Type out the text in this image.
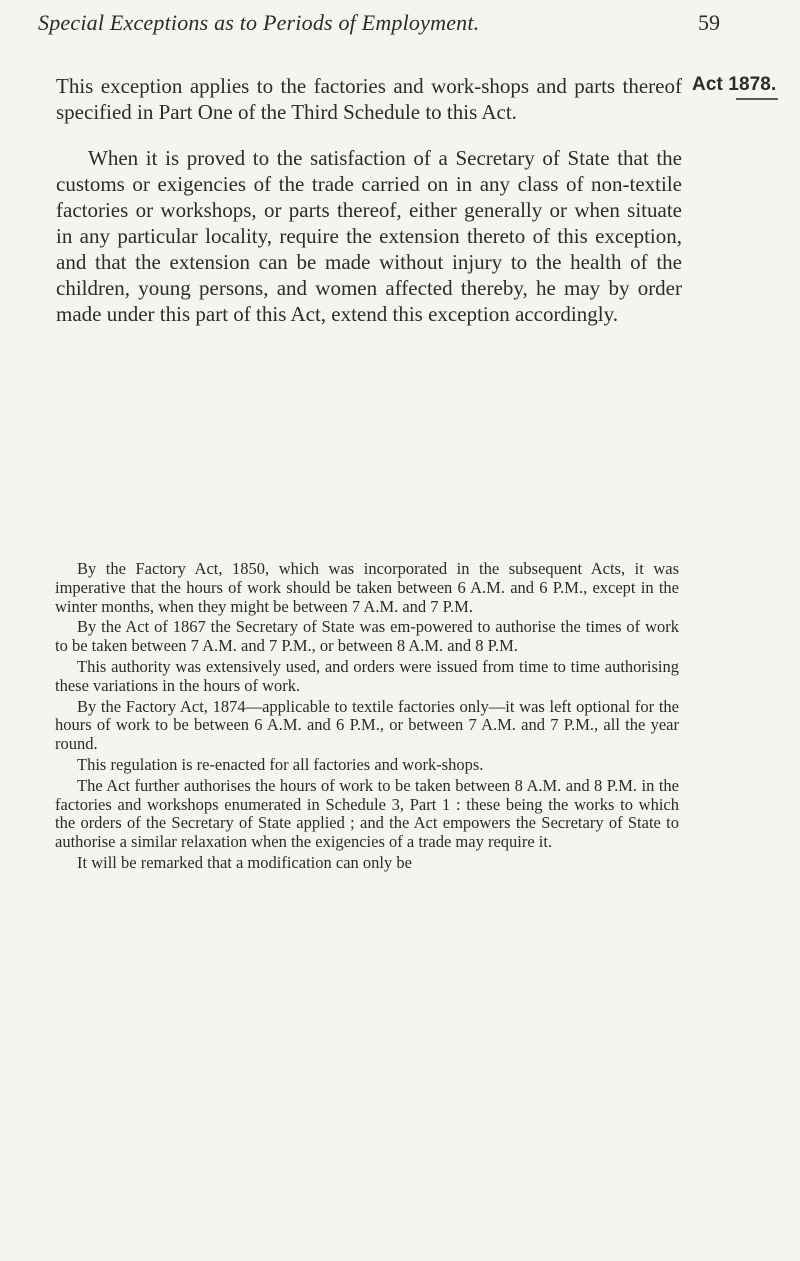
Special Exceptions as to Periods of Employment.	59
Act 1878.

This exception applies to the factories and work-shops and parts thereof specified in Part One of the Third Schedule to this Act.

When it is proved to the satisfaction of a Secretary of State that the customs or exigencies of the trade carried on in any class of non-textile factories or workshops, or parts thereof, either generally or when situate in any particular locality, require the extension thereto of this exception, and that the extension can be made without injury to the health of the children, young persons, and women affected thereby, he may by order made under this part of this Act, extend this exception accordingly.

By the Factory Act, 1850, which was incorporated in the subsequent Acts, it was imperative that the hours of work should be taken between 6 A.M. and 6 P.M., except in the winter months, when they might be between 7 A.M. and 7 P.M.

By the Act of 1867 the Secretary of State was em-powered to authorise the times of work to be taken between 7 A.M. and 7 P.M., or between 8 A.M. and 8 P.M.

This authority was extensively used, and orders were issued from time to time authorising these variations in the hours of work.

By the Factory Act, 1874—applicable to textile factories only—it was left optional for the hours of work to be between 6 A.M. and 6 P.M., or between 7 A.M. and 7 P.M., all the year round.

This regulation is re-enacted for all factories and work-shops.

The Act further authorises the hours of work to be taken between 8 A.M. and 8 P.M. in the factories and workshops enumerated in Schedule 3, Part 1 : these being the works to which the orders of the Secretary of State applied ; and the Act empowers the Secretary of State to authorise a similar relaxation when the exigencies of a trade may require it.

It will be remarked that a modification can only be
